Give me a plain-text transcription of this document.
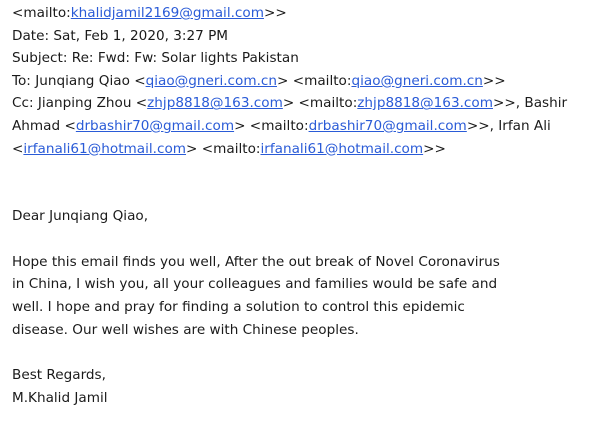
<mailto:khalidjamil2169@gmail.com>>
Date: Sat, Feb 1, 2020, 3:27 PM
Subject: Re: Fwd: Fw: Solar lights Pakistan
To: Junqiang Qiao <qiao@gneri.com.cn> <mailto:qiao@gneri.com.cn>>
Cc: Jianping Zhou <zhjp8818@163.com> <mailto:zhjp8818@163.com>>, Bashir Ahmad <drbashir70@gmail.com> <mailto:drbashir70@gmail.com>>, Irfan Ali
<irfanali61@hotmail.com> <mailto:irfanali61@hotmail.com>>
Dear Junqiang Qiao,
Hope this email finds you well, After the out break of Novel Coronavirus
in China, I wish you, all your colleagues and families would be safe and
well. I hope and pray for finding a solution to control this epidemic
disease. Our well wishes are with Chinese peoples.
Best Regards,
M.Khalid Jamil
